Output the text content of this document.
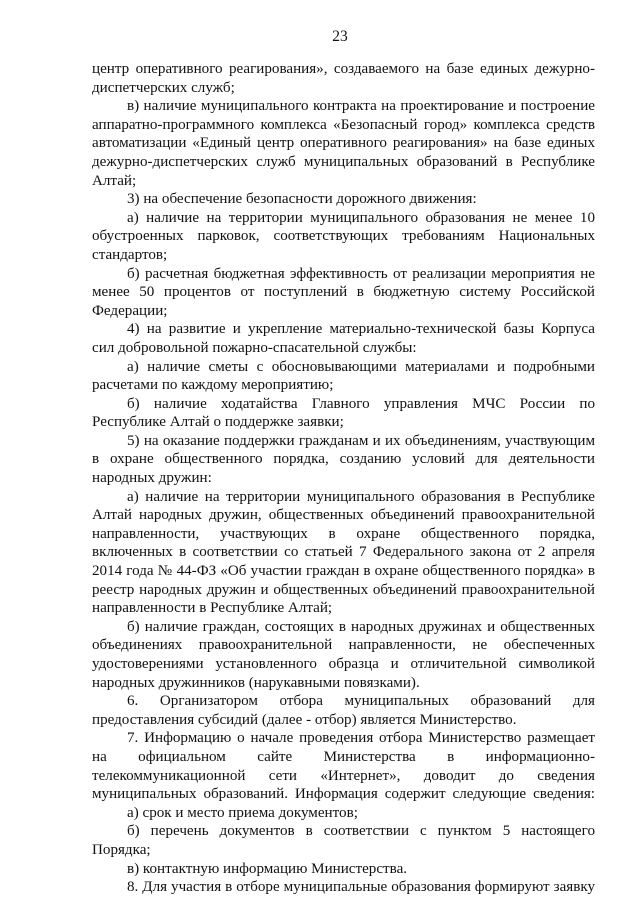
23
центр оперативного реагирования», создаваемого на базе единых дежурно-
диспетчерских служб;
в) наличие муниципального контракта на проектирование и построение
аппаратно-программного комплекса «Безопасный город» комплекса средств
автоматизации «Единый центр оперативного реагирования» на базе единых
дежурно-диспетчерских служб муниципальных образований в Республике
Алтай;
3) на обеспечение безопасности дорожного движения:
а) наличие на территории муниципального образования не менее 10
обустроенных парковок, соответствующих требованиям Национальных
стандартов;
б) расчетная бюджетная эффективность от реализации мероприятия не
менее 50 процентов от поступлений в бюджетную систему Российской
Федерации;
4) на развитие и укрепление материально-технической базы Корпуса
сил добровольной пожарно-спасательной службы:
а) наличие сметы с обосновывающими материалами и подробными
расчетами по каждому мероприятию;
б) наличие ходатайства Главного управления МЧС России по
Республике Алтай о поддержке заявки;
5) на оказание поддержки гражданам и их объединениям, участвующим
в охране общественного порядка, созданию условий для деятельности
народных дружин:
а) наличие на территории муниципального образования в Республике
Алтай народных дружин, общественных объединений правоохранительной
направленности, участвующих в охране общественного порядка,
включенных в соответствии со статьей 7 Федерального закона от 2 апреля
2014 года № 44-ФЗ «Об участии граждан в охране общественного порядка» в
реестр народных дружин и общественных объединений правоохранительной
направленности в Республике Алтай;
б) наличие граждан, состоящих в народных дружинах и общественных
объединениях правоохранительной направленности, не обеспеченных
удостоверениями установленного образца и отличительной символикой
народных дружинников (нарукавными повязками).
6. Организатором отбора муниципальных образований для
предоставления субсидий (далее - отбор) является Министерство.
7. Информацию о начале проведения отбора Министерство размещает
на официальном сайте Министерства в информационно-
телекоммуникационной сети «Интернет», доводит до сведения
муниципальных образований. Информация содержит следующие сведения:
а) срок и место приема документов;
б) перечень документов в соответствии с пунктом 5 настоящего
Порядка;
в) контактную информацию Министерства.
8. Для участия в отборе муниципальные образования формируют заявку
